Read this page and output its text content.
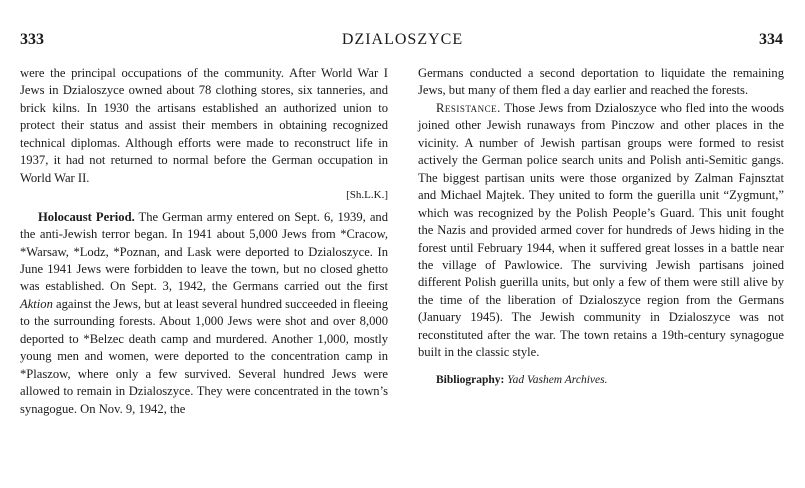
333	DZIALOSZYCE	334

were the principal occupations of the community. After World War I Jews in Dzialoszyce owned about 78 clothing stores, six tanneries, and brick kilns. In 1930 the artisans established an authorized union to protect their status and assist their members in obtaining recognized technical diplomas. Although efforts were made to reconstruct life in 1937, it had not returned to normal before the German occupation in World War II.
[Sh.L.K.]

Holocaust Period. The German army entered on Sept. 6, 1939, and the anti-Jewish terror began. In 1941 about 5,000 Jews from *Cracow, *Warsaw, *Lodz, *Poznan, and Lask were deported to Dzialoszyce. In June 1941 Jews were forbidden to leave the town, but no closed ghetto was established. On Sept. 3, 1942, the Germans carried out the first Aktion against the Jews, but at least several hundred succeeded in fleeing to the surrounding forests. About 1,000 Jews were shot and over 8,000 deported to *Belzec death camp and murdered. Another 1,000, mostly young men and women, were deported to the concentration camp in *Plaszow, where only a few survived. Several hundred Jews were allowed to remain in Dzialoszyce. They were concentrated in the town’s synagogue. On Nov. 9, 1942, the

Germans conducted a second deportation to liquidate the remaining Jews, but many of them fled a day earlier and reached the forests.

Resistance. Those Jews from Dzialoszyce who fled into the woods joined other Jewish runaways from Pinczow and other places in the vicinity. A number of Jewish partisan groups were formed to resist actively the German police search units and Polish anti-Semitic gangs. The biggest partisan units were those organized by Zalman Fajnsztat and Michael Majtek. They united to form the guerilla unit “Zygmunt,” which was recognized by the Polish People’s Guard. This unit fought the Nazis and provided armed cover for hundreds of Jews hiding in the forest until February 1944, when it suffered great losses in a battle near the village of Pawlowice. The surviving Jewish partisans joined different Polish guerilla units, but only a few of them were still alive by the time of the liberation of Dzialoszyce region from the Germans (January 1945). The Jewish community in Dzialoszyce was not reconstituted after the war. The town retains a 19th-century synagogue built in the classic style.

Bibliography: Yad Vashem Archives.
